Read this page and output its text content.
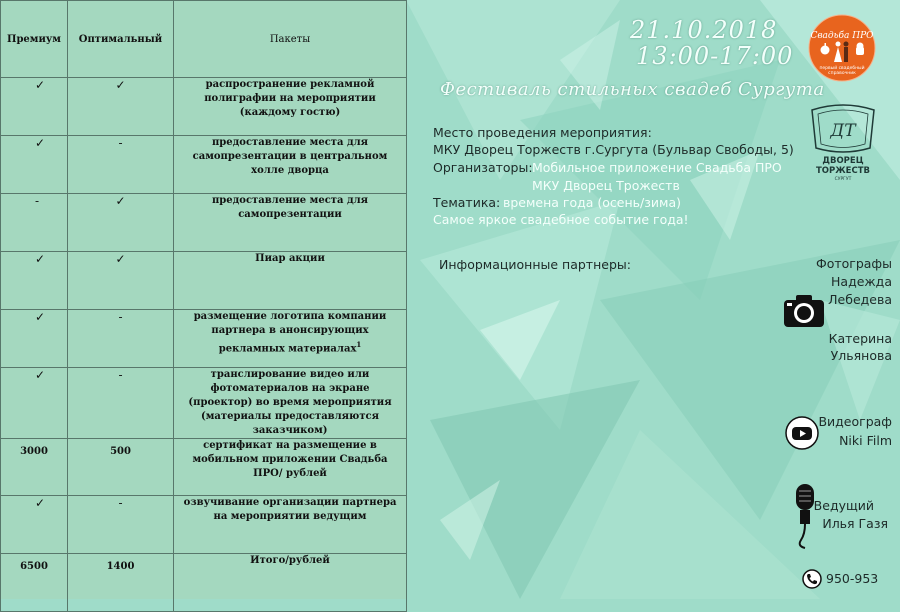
Премиум	Оптимальный	Пакеты
✓	✓	распространение рекламной полиграфии на мероприятии (каждому гостю)
✓	-	предоставление места для самопрезентации в центральном холле дворца
-	✓	предоставление места для самопрезентации
✓	✓	Пиар акции
✓	-	размещение логотипа компании партнера в анонсирующих рекламных материалах$^1$
✓	-	транслирование видео или фотоматериалов на экране (проектор) во время мероприятия (материалы предоставляются заказчиком)
3000	500	сертификат на размещение в мобильном приложении Свадьба ПРО/ рублей
✓	-	озвучивание организации партнера на мероприятии ведущим
6500	1400	Итого/рублей
21.10.2018
13:00-17:00
Фестиваль стильных свадеб Сургута
Место проведения мероприятия:
МКУ Дворец Торжеств г.Сургута (Бульвар Свободы, 5)
Организаторы: Мобильное приложение Свадьба ПРО
МКУ Дворец Трожеств
Тематика: времена года (осень/зима)
Самое яркое свадебное событие года!
Информационные партнеры:
Свадьба ПРО
первый свадебный
справочник
ДТ
ДВОРЕЦ
ТОРЖЕСТВ
СУРГУТ
Фотографы
Надежда
Лебедева
Катерина
Ульянова
Видеограф
Niki Film
Ведущий
Илья Газя
950-953
